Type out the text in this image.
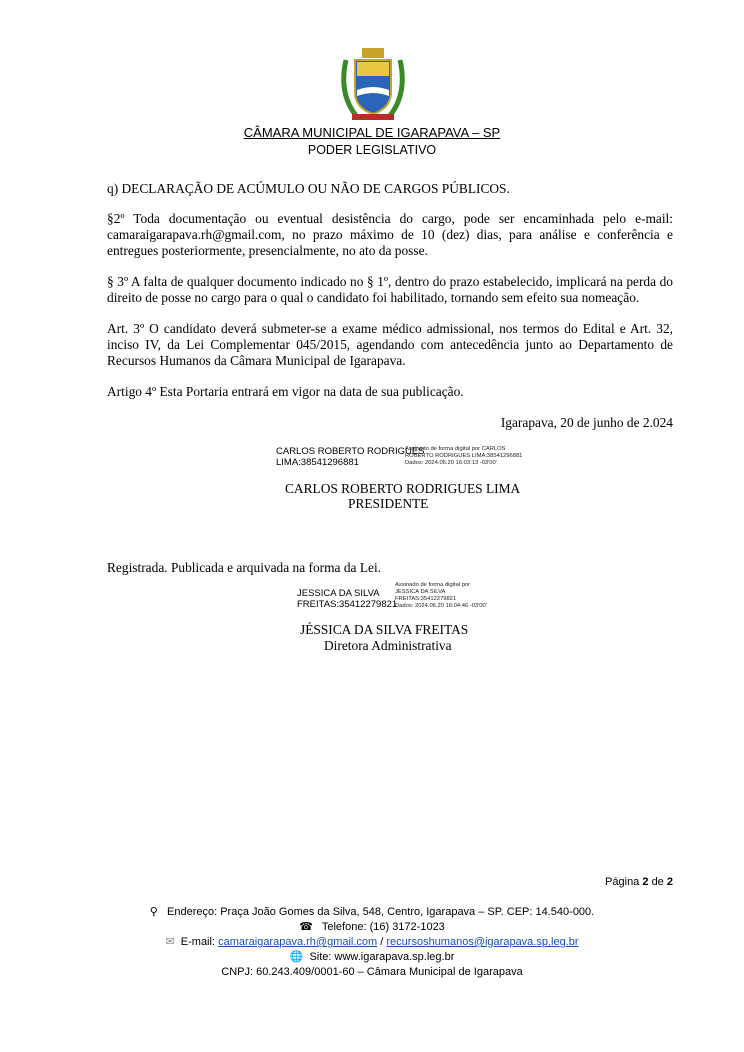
CÂMARA MUNICIPAL DE IGARAPAVA – SP
PODER LEGISLATIVO
q) DECLARAÇÃO DE ACÚMULO OU NÃO DE CARGOS PÚBLICOS.
§2º Toda documentação ou eventual desistência do cargo, pode ser encaminhada pelo e-mail: camaraigarapava.rh@gmail.com, no prazo máximo de 10 (dez) dias, para análise e conferência e entregues posteriormente, presencialmente, no ato da posse.
§ 3º A falta de qualquer documento indicado no § 1º, dentro do prazo estabelecido, implicará na perda do direito de posse no cargo para o qual o candidato foi habilitado, tornando sem efeito sua nomeação.
Art. 3º O candidato deverá submeter-se a exame médico admissional, nos termos do Edital e Art. 32, inciso IV, da Lei Complementar 045/2015, agendando com antecedência junto ao Departamento de Recursos Humanos da Câmara Municipal de Igarapava.
Artigo 4º Esta Portaria entrará em vigor na data de sua publicação.
Igarapava, 20 de junho de 2.024
CARLOS ROBERTO RODRIGUES
LIMA:38541296881
Assinado de forma digital por CARLOS
ROBERTO RODRIGUES LIMA:38541296881
Dados: 2024.06.20 16:03:13 -03'00'
CARLOS ROBERTO RODRIGUES LIMA
PRESIDENTE
Registrada. Publicada e arquivada na forma da Lei.
JESSICA DA SILVA
FREITAS:35412279821
Assinado de forma digital por
JESSICA DA SILVA
FREITAS:35412279821
Dados: 2024.06.20 16:04:46 -03'00'
JÉSSICA DA SILVA FREITAS
Diretora Administrativa
Página 2 de 2
⚲ Endereço: Praça João Gomes da Silva, 548, Centro, Igarapava – SP. CEP: 14.540-000.
☎ Telefone: (16) 3172-1023
✉ E-mail: camaraigarapava.rh@gmail.com / recursoshumanos@igarapava.sp.leg.br
🌐 Site: www.igarapava.sp.leg.br
CNPJ: 60.243.409/0001-60 – Câmara Municipal de Igarapava
